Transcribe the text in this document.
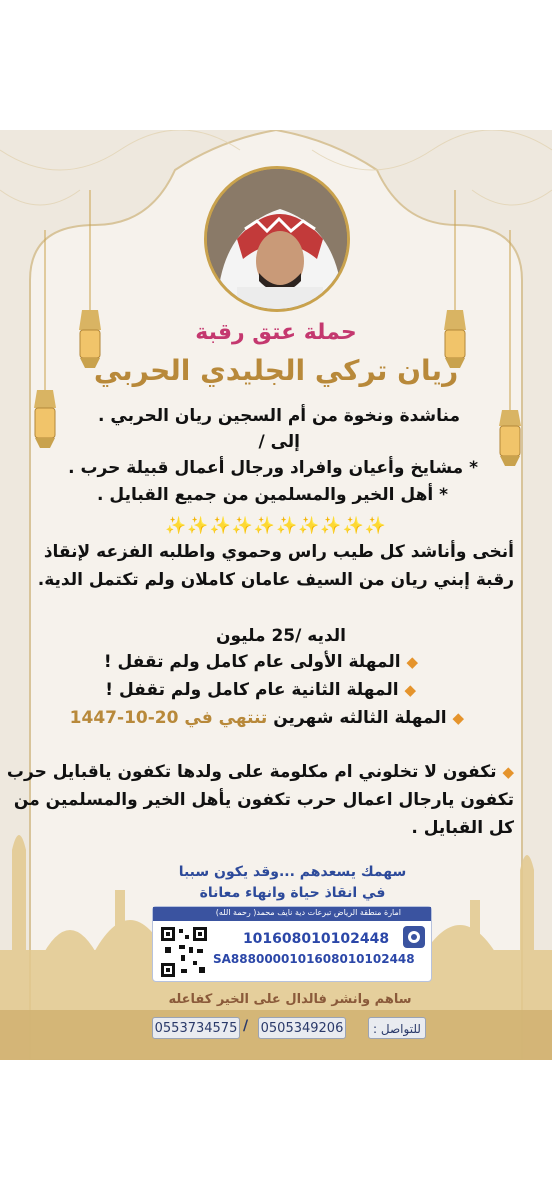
حملة عتق رقبة
ريان تركي الجليدي الحربي
مناشدة ونخوة من أم السجين ريان الحربي .
إلى /
* مشايخ وأعيان وافراد ورجال أعمال قبيلة حرب .
* أهل الخير والمسلمين من جميع القبايل .
✨✨✨✨✨✨✨✨✨✨
أنخى وأناشد كل طيب راس وحموي واطلبه الفزعه لإنقاذ
رقبة إبني ريان من السيف عامان كاملان ولم تكتمل الدية.
الديه /25 مليون
◆ المهلة الأولى عام كامل ولم تقفل !
◆ المهلة الثانية عام كامل ولم تقفل !
◆ المهلة الثالثه شهرين تنتهي في 20-10-1447
◆ تكفون لا تخلوني ام مكلومة على ولدها تكفون ياقبايل حرب
تكفون يارجال اعمال حرب تكفون يأهل الخير والمسلمين من
كل القبايل .
سهمك يسعدهم ...وقد يكون سببا
في انقاذ حياة وانهاء معاناة
امارة منطقة الرياض تبرعات دية نايف محمد( رحمة الله)
101608010102448
SA8880000101608010102448
ساهم وانشر فالدال على الخير كفاعله
0553734575 / 0505349206	للتواصل :
